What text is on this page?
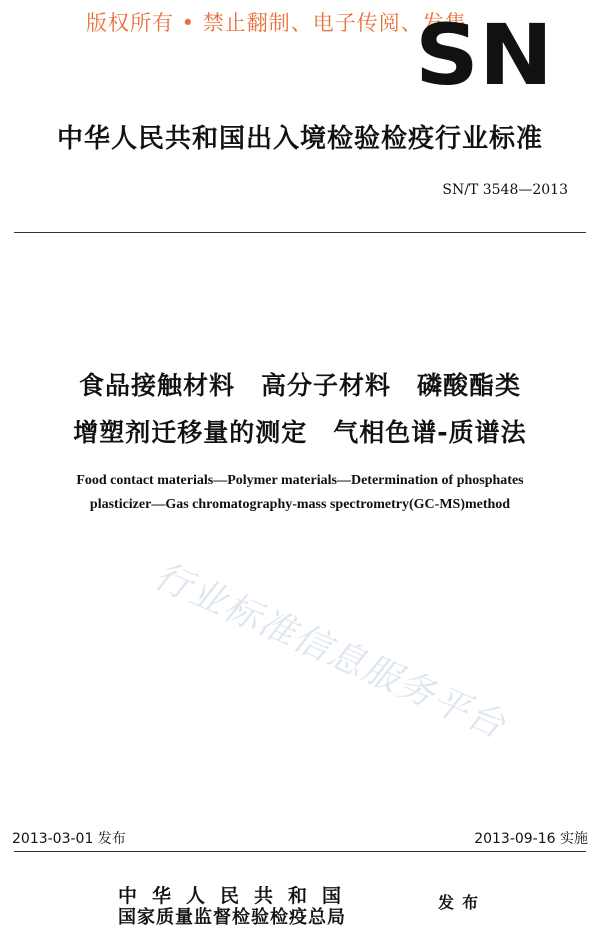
版权所有 • 禁止翻制、电子传阅、发售
SN
中华人民共和国出入境检验检疫行业标准
SN/T 3548—2013
食品接触材料　高分子材料　磷酸酯类
增塑剂迁移量的测定　气相色谱-质谱法
Food contact materials—Polymer materials—Determination of phosphates
plasticizer—Gas chromatography-mass spectrometry(GC-MS)method
行业标准信息服务平台
2013-03-01 发布	2013-09-16 实施
中华人民共和国
国家质量监督检验检疫总局
发布
